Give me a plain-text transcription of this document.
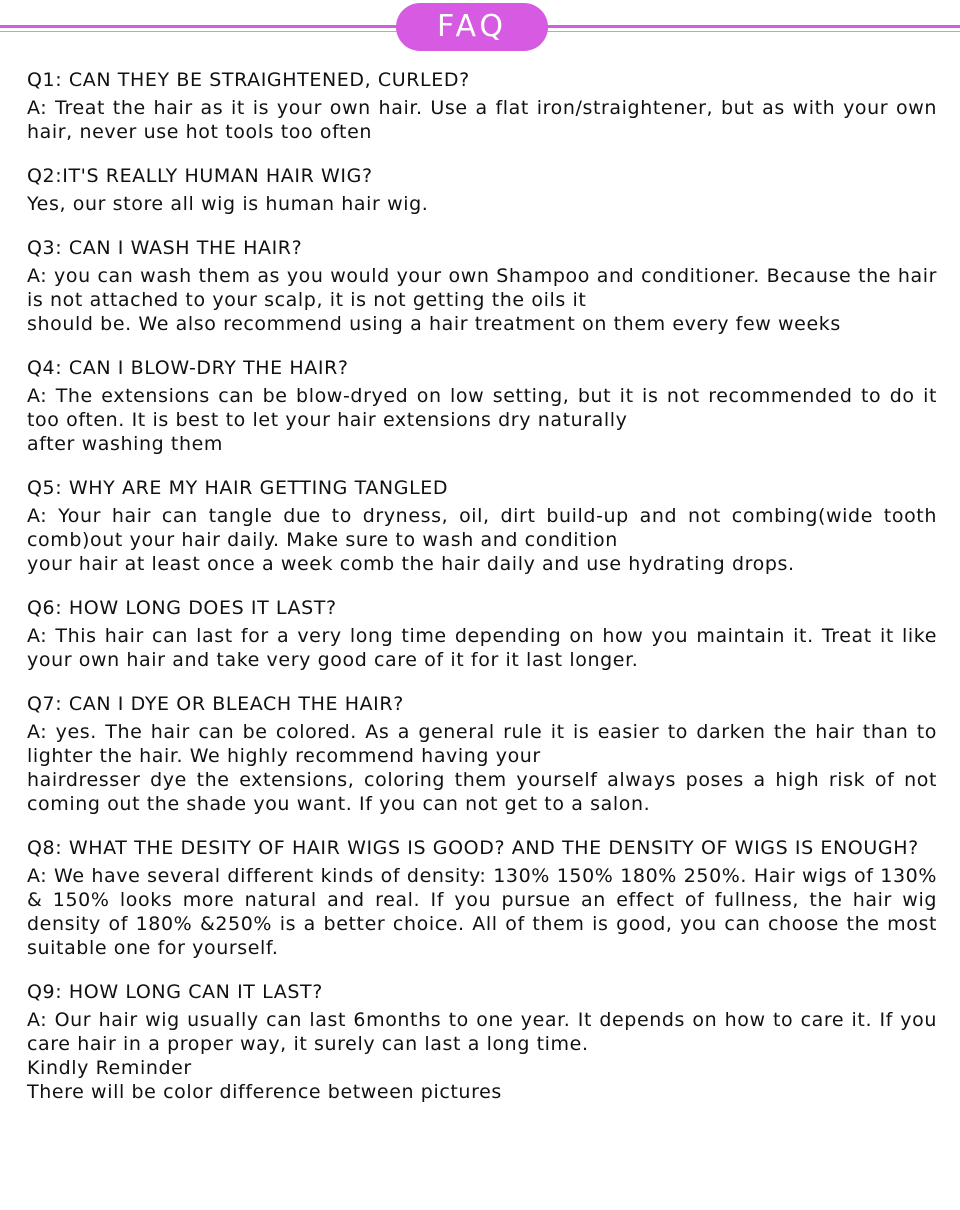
FAQ
Q1: CAN THEY BE STRAIGHTENED, CURLED?

A: Treat the hair as it is your own hair. Use a flat iron/straightener, but as with your own hair, never use hot tools too often

Q2:IT'S REALLY HUMAN HAIR WIG?

Yes, our store all wig is human hair wig.

Q3: CAN I WASH THE HAIR?

A: you can wash them as you would your own Shampoo and conditioner. Because the hair is not attached to your scalp, it is not getting the oils it

should be. We also recommend using a hair treatment on them every few weeks

Q4: CAN I BLOW-DRY THE HAIR?

A: The extensions can be blow-dryed on low setting, but it is not recommended to do it too often. It is best to let your hair extensions dry naturally

after washing them

Q5: WHY ARE MY HAIR GETTING TANGLED

A: Your hair can tangle due to dryness, oil, dirt build-up and not combing(wide tooth comb)out your hair daily. Make sure to wash and condition

your hair at least once a week comb the hair daily and use hydrating drops.

Q6: HOW LONG DOES IT LAST?

A: This hair can last for a very long time depending on how you maintain it. Treat it like your own hair and take very good care of it for it last longer.

Q7: CAN I DYE OR BLEACH THE HAIR?

A: yes. The hair can be colored. As a general rule it is easier to darken the hair than to lighter the hair. We highly recommend having your

hairdresser dye the extensions, coloring them yourself always poses a high risk of not coming out the shade you want. If you can not get to a salon.

Q8: WHAT THE DESITY OF HAIR WIGS IS GOOD? AND THE DENSITY OF WIGS IS ENOUGH?

A: We have several different kinds of density: 130% 150% 180% 250%. Hair wigs of 130% & 150% looks more natural and real. If you pursue an effect of fullness, the hair wig density of 180% &250% is a better choice. All of them is good, you can choose the most suitable one for yourself.

Q9: HOW LONG CAN IT LAST?

A: Our hair wig usually can last 6months to one year. It depends on how to care it. If you care hair in a proper way, it surely can last a long time.

Kindly Reminder

There will be color difference between pictures
